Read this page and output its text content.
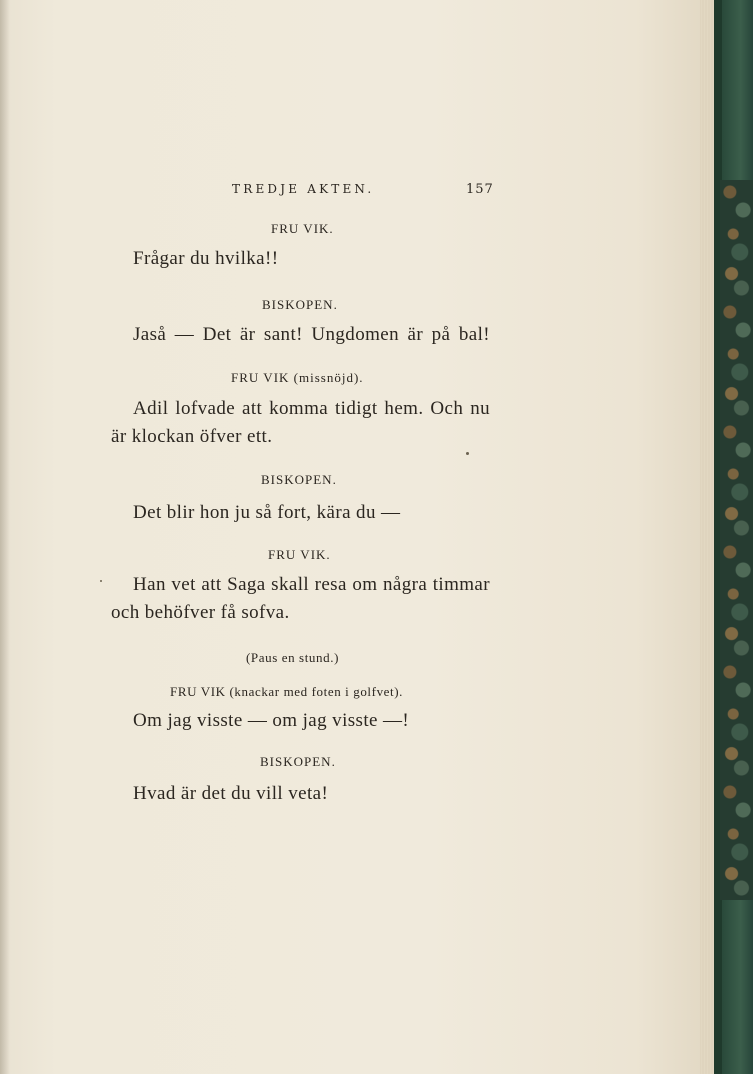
TREDJE AKTEN.	157
FRU VIK.
Frågar du hvilka!!
BISKOPEN.
Jaså — Det är sant! Ungdomen är på bal!
FRU VIK (missnöjd).
Adil lofvade att komma tidigt hem. Och nu
är klockan öfver ett.
BISKOPEN.
Det blir hon ju så fort, kära du —
FRU VIK.
Han vet att Saga skall resa om några timmar
och behöfver få sofva.
(Paus en stund.)
FRU VIK (knackar med foten i golfvet).
Om jag visste — om jag visste —!
BISKOPEN.
Hvad är det du vill veta!
